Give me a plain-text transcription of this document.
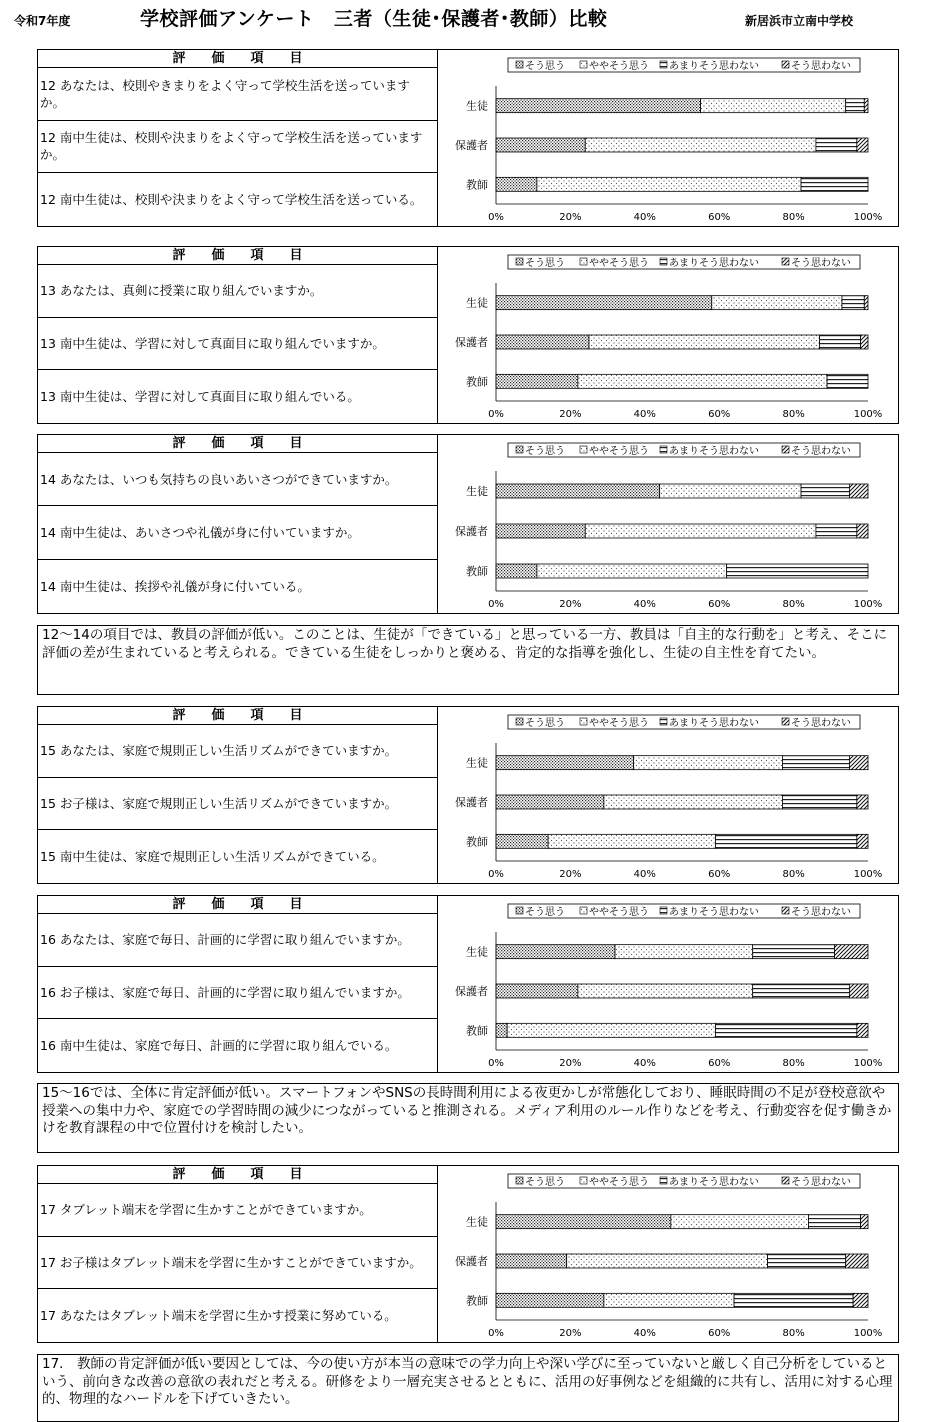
令和7年度	学校評価アンケート　三者（生徒･保護者･教師）比較	新居浜市立南中学校
評価項目
12 あなたは、校則やきまりをよく守って学校生活を送っていますか。
12 南中生徒は、校則や決まりをよく守って学校生活を送っていますか。
12 南中生徒は、校則や決まりをよく守って学校生活を送っている。
そう思う ややそう思う あまりそう思わない	そう思わない
生徒
保護者
教師
0%	20%	40%	60%	80%	100%
評価項目
13 あなたは、真剣に授業に取り組んでいますか。
13 南中生徒は、学習に対して真面目に取り組んでいますか。
13 南中生徒は、学習に対して真面目に取り組んでいる。
そう思う ややそう思う あまりそう思わない	そう思わない
生徒
保護者
教師
0%	20%	40%	60%	80%	100%
評価項目
14 あなたは、いつも気持ちの良いあいさつができていますか。
14 南中生徒は、あいさつや礼儀が身に付いていますか。
14 南中生徒は、挨拶や礼儀が身に付いている。
そう思う ややそう思う あまりそう思わない	そう思わない
生徒
保護者
教師
0%	20%	40%	60%	80%	100%
評価項目
15 あなたは、家庭で規則正しい生活リズムができていますか。
15 お子様は、家庭で規則正しい生活リズムができていますか。
15 南中生徒は、家庭で規則正しい生活リズムができている。
そう思う ややそう思う あまりそう思わない	そう思わない
生徒
保護者
教師
0%	20%	40%	60%	80%	100%
評価項目
16 あなたは、家庭で毎日、計画的に学習に取り組んでいますか。
16 お子様は、家庭で毎日、計画的に学習に取り組んでいますか。
16 南中生徒は、家庭で毎日、計画的に学習に取り組んでいる。
そう思う ややそう思う あまりそう思わない	そう思わない
生徒
保護者
教師
0%	20%	40%	60%	80%	100%
評価項目
17 タブレット端末を学習に生かすことができていますか。
17 お子様はタブレット端末を学習に生かすことができていますか。
17 あなたはタブレット端末を学習に生かす授業に努めている。
そう思う ややそう思う あまりそう思わない	そう思わない
生徒
保護者
教師
0%	20%	40%	60%	80%	100%
12～14の項目では、教員の評価が低い。このことは、生徒が「できている」と思っている一方、教員は「自主的な行動を」と考え、そこに評価の差が生まれていると考えられる。できている生徒をしっかりと褒める、肯定的な指導を強化し、生徒の自主性を育てたい。
15～16では、全体に肯定評価が低い。スマートフォンやSNSの長時間利用による夜更かしが常態化しており、睡眠時間の不足が登校意欲や授業への集中力や、家庭での学習時間の減少につながっていると推測される。メディア利用のルール作りなどを考え、行動変容を促す働きかけを教育課程の中で位置付けを検討したい。
17.　教師の肯定評価が低い要因としては、今の使い方が本当の意味での学力向上や深い学びに至っていないと厳しく自己分析をしているという、前向きな改善の意欲の表れだと考える。研修をより一層充実させるとともに、活用の好事例などを組織的に共有し、活用に対する心理的、物理的なハードルを下げていきたい。
